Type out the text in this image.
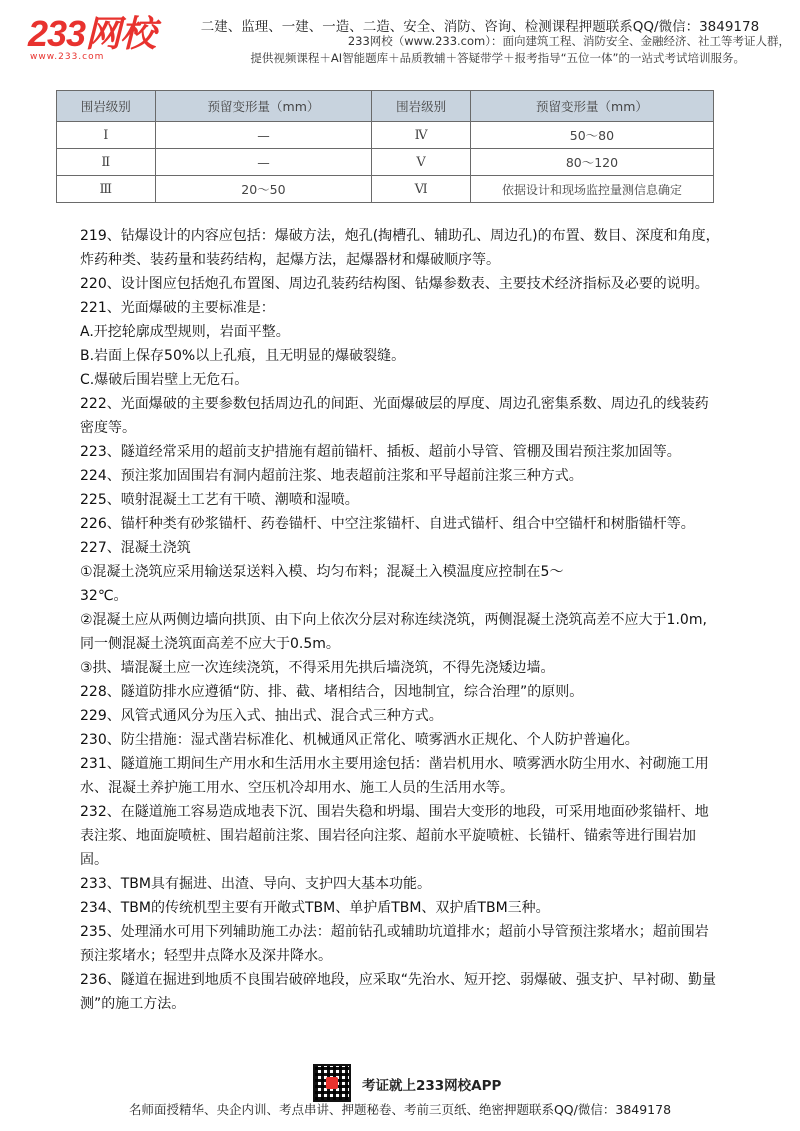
233网校
www.233.com
二建、监理、一建、一造、二造、安全、消防、咨询、检测课程押题联系QQ/微信：3849178
233网校（www.233.com）：面向建筑工程、消防安全、金融经济、社工等考证人群，
提供视频课程＋AI智能题库＋品质教辅＋答疑带学＋报考指导“五位一体”的一站式考试培训服务。
围岩级别	预留变形量（mm）	围岩级别	预留变形量（mm）
Ⅰ	—	Ⅳ	50～80
Ⅱ	—	Ⅴ	80～120
Ⅲ	20～50	Ⅵ	依据设计和现场监控量测信息确定

219、钻爆设计的内容应包括：爆破方法，炮孔(掏槽孔、辅助孔、周边孔)的布置、数目、深度和角度，炸药种类、装药量和装药结构，起爆方法，起爆器材和爆破顺序等。

220、设计图应包括炮孔布置图、周边孔装药结构图、钻爆参数表、主要技术经济指标及必要的说明。

221、光面爆破的主要标准是：

A.开挖轮廓成型规则，岩面平整。

B.岩面上保存50%以上孔痕，且无明显的爆破裂缝。

C.爆破后围岩壁上无危石。

222、光面爆破的主要参数包括周边孔的间距、光面爆破层的厚度、周边孔密集系数、周边孔的线装药密度等。

223、隧道经常采用的超前支护措施有超前锚杆、插板、超前小导管、管棚及围岩预注浆加固等。

224、预注浆加固围岩有洞内超前注浆、地表超前注浆和平导超前注浆三种方式。

225、喷射混凝土工艺有干喷、潮喷和湿喷。

226、锚杆种类有砂浆锚杆、药卷锚杆、中空注浆锚杆、自进式锚杆、组合中空锚杆和树脂锚杆等。

227、混凝土浇筑

①混凝土浇筑应采用输送泵送料入模、均匀布料；混凝土入模温度应控制在5～

32℃。

②混凝土应从两侧边墙向拱顶、由下向上依次分层对称连续浇筑，两侧混凝土浇筑高差不应大于1.0m,同一侧混凝土浇筑面高差不应大于0.5m。

③拱、墙混凝土应一次连续浇筑，不得采用先拱后墙浇筑，不得先浇矮边墙。

228、隧道防排水应遵循“防、排、截、堵相结合，因地制宜，综合治理”的原则。

229、风管式通风分为压入式、抽出式、混合式三种方式。

230、防尘措施：湿式凿岩标准化、机械通风正常化、喷雾洒水正规化、个人防护普遍化。

231、隧道施工期间生产用水和生活用水主要用途包括：凿岩机用水、喷雾洒水防尘用水、衬砌施工用水、混凝土养护施工用水、空压机冷却用水、施工人员的生活用水等。

232、在隧道施工容易造成地表下沉、围岩失稳和坍塌、围岩大变形的地段，可采用地面砂浆锚杆、地表注浆、地面旋喷桩、围岩超前注浆、围岩径向注浆、超前水平旋喷桩、长锚杆、锚索等进行围岩加固。

233、TBM具有掘进、出渣、导向、支护四大基本功能。

234、TBM的传统机型主要有开敞式TBM、单护盾TBM、双护盾TBM三种。

235、处理涌水可用下列辅助施工办法：超前钻孔或辅助坑道排水；超前小导管预注浆堵水；超前围岩预注浆堵水；轻型井点降水及深井降水。

236、隧道在掘进到地质不良围岩破碎地段，应采取“先治水、短开挖、弱爆破、强支护、早衬砌、勤量测”的施工方法。

考证就上233网校APP
名师面授精华、央企内训、考点串讲、押题秘卷、考前三页纸、绝密押题联系QQ/微信：3849178
